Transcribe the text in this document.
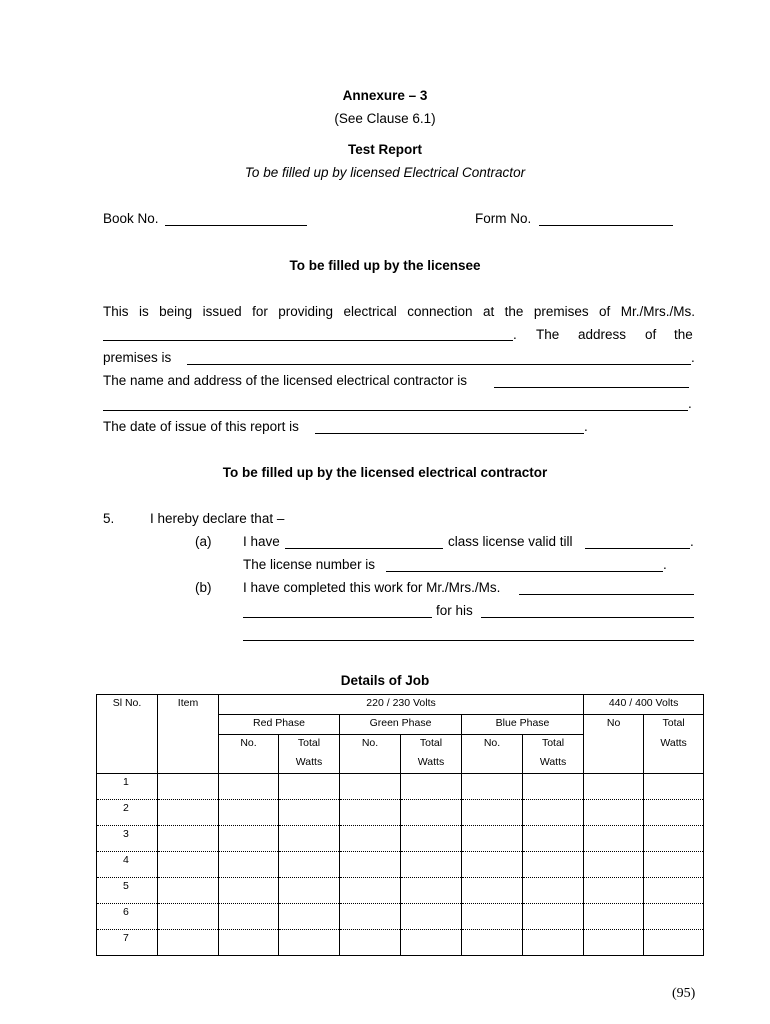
Annexure – 3
(See Clause 6.1)
Test Report
To be filled up by licensed Electrical Contractor
Book No.	Form No.
To be filled up by the licensee
This is being issued for providing electrical connection at the premises of Mr./Mrs./Ms.
. The address of the
premises is	.
The name and address of the licensed electrical contractor is
.
The date of issue of this report is	.
To be filled up by the licensed electrical contractor
5.	I hereby declare that –
(a) I have	class license valid till	.
The license number is	.
(b) I have completed this work for Mr./Mrs./Ms.
for his
Details of Job
Sl No.	Item	220 / 230 Volts						440 / 400 Volts	
		Red Phase		Green Phase		Blue Phase		No	Total
		No.	Total	No.	Total	No.	Total		Watts
			Watts		Watts		Watts		
1									
2									
3									
4									
5									
6									
7									
(95)
